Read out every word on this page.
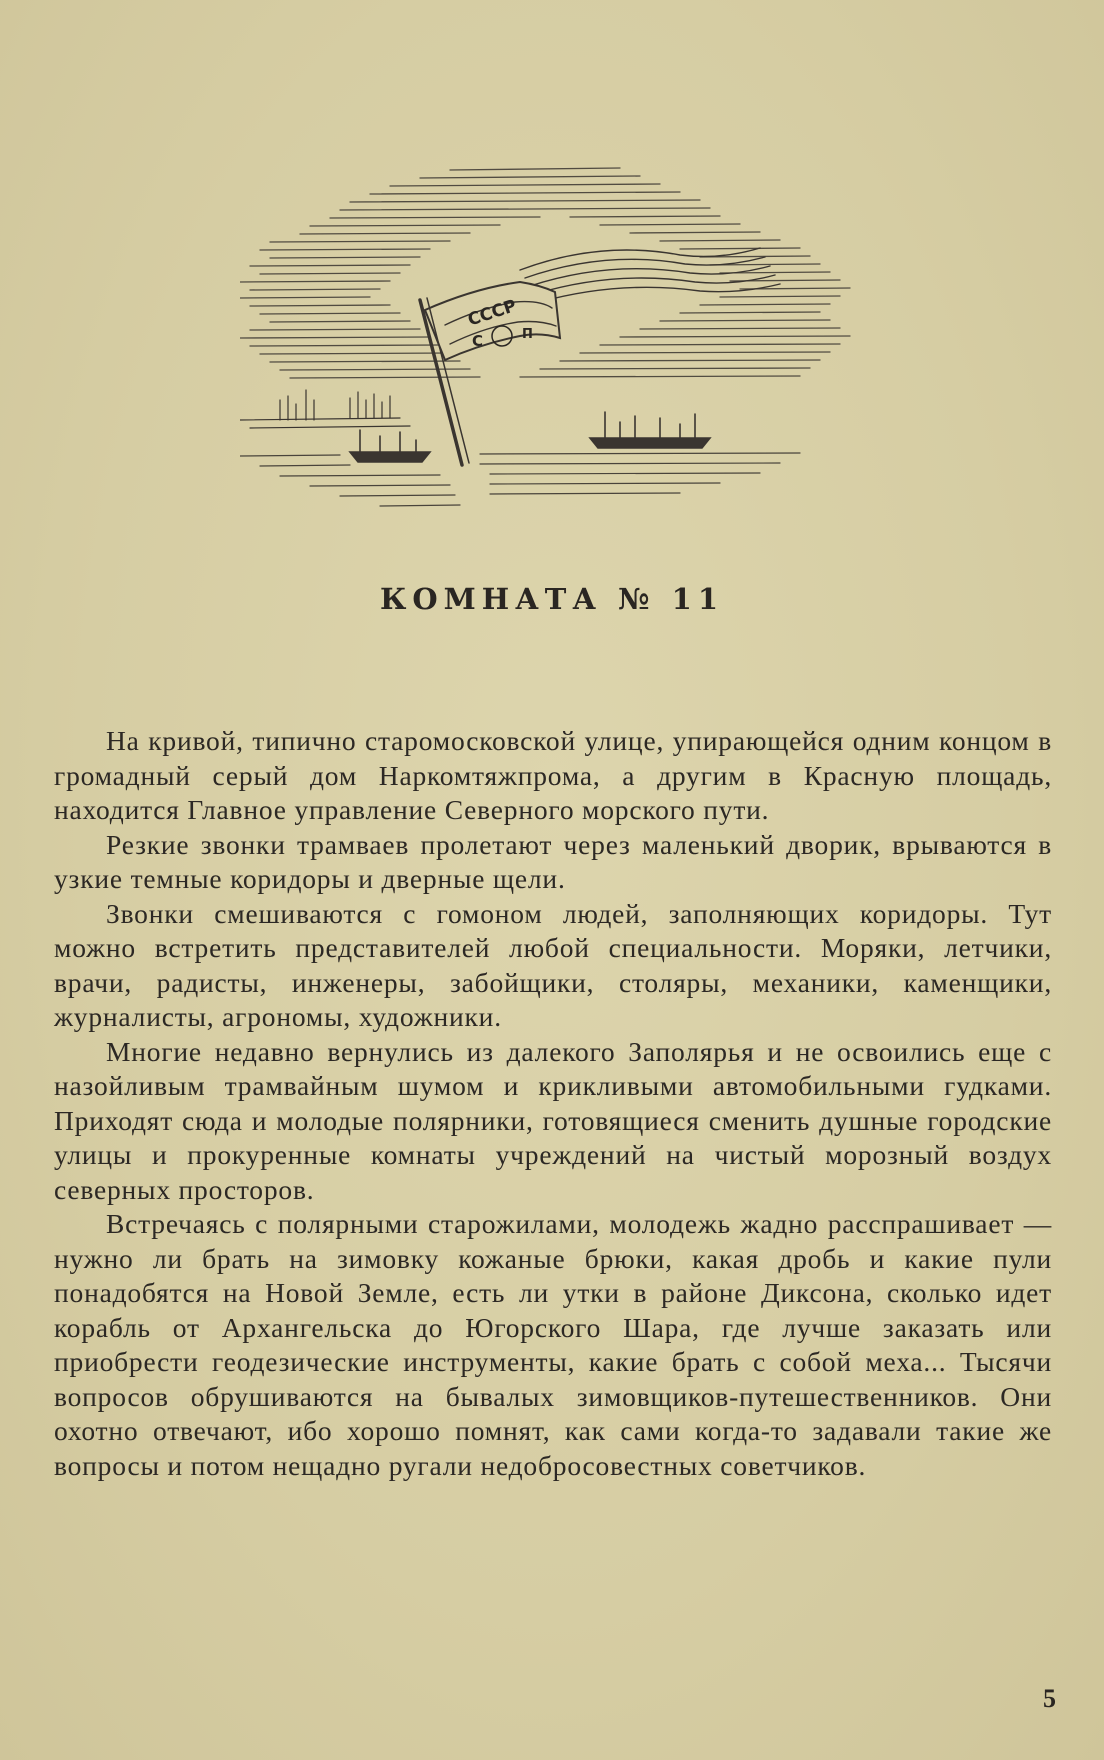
СССР
С	П
КОМНАТА № 11

На кривой, типично старомосковской улице, упирающейся одним концом в громадный серый дом Наркомтяжпрома, а другим в Красную площадь, находится Главное управление Северного морского пути.

Резкие звонки трамваев пролетают через маленький дворик, врываются в узкие темные коридоры и дверные щели.

Звонки смешиваются с гомоном людей, заполняющих коридоры. Тут можно встретить представителей любой специальности. Моряки, летчики, врачи, радисты, инженеры, забойщики, столяры, механики, каменщики, журналисты, агрономы, художники.

Многие недавно вернулись из далекого Заполярья и не освоились еще с назойливым трамвайным шумом и крикливыми автомобильными гудками. Приходят сюда и молодые полярники, готовящиеся сменить душные городские улицы и прокуренные комнаты учреждений на чистый морозный воздух северных просторов.

Встречаясь с полярными старожилами, молодежь жадно расспрашивает — нужно ли брать на зимовку кожаные брюки, какая дробь и какие пули понадобятся на Новой Земле, есть ли утки в районе Диксона, сколько идет корабль от Архангельска до Югорского Шара, где лучше заказать или приобрести геодезические инструменты, какие брать с собой меха... Тысячи вопросов обрушиваются на бывалых зимовщиков-путешественников. Они охотно отвечают, ибо хорошо помнят, как сами когда-то задавали такие же вопросы и потом нещадно ругали недобросовестных советчиков.

5
